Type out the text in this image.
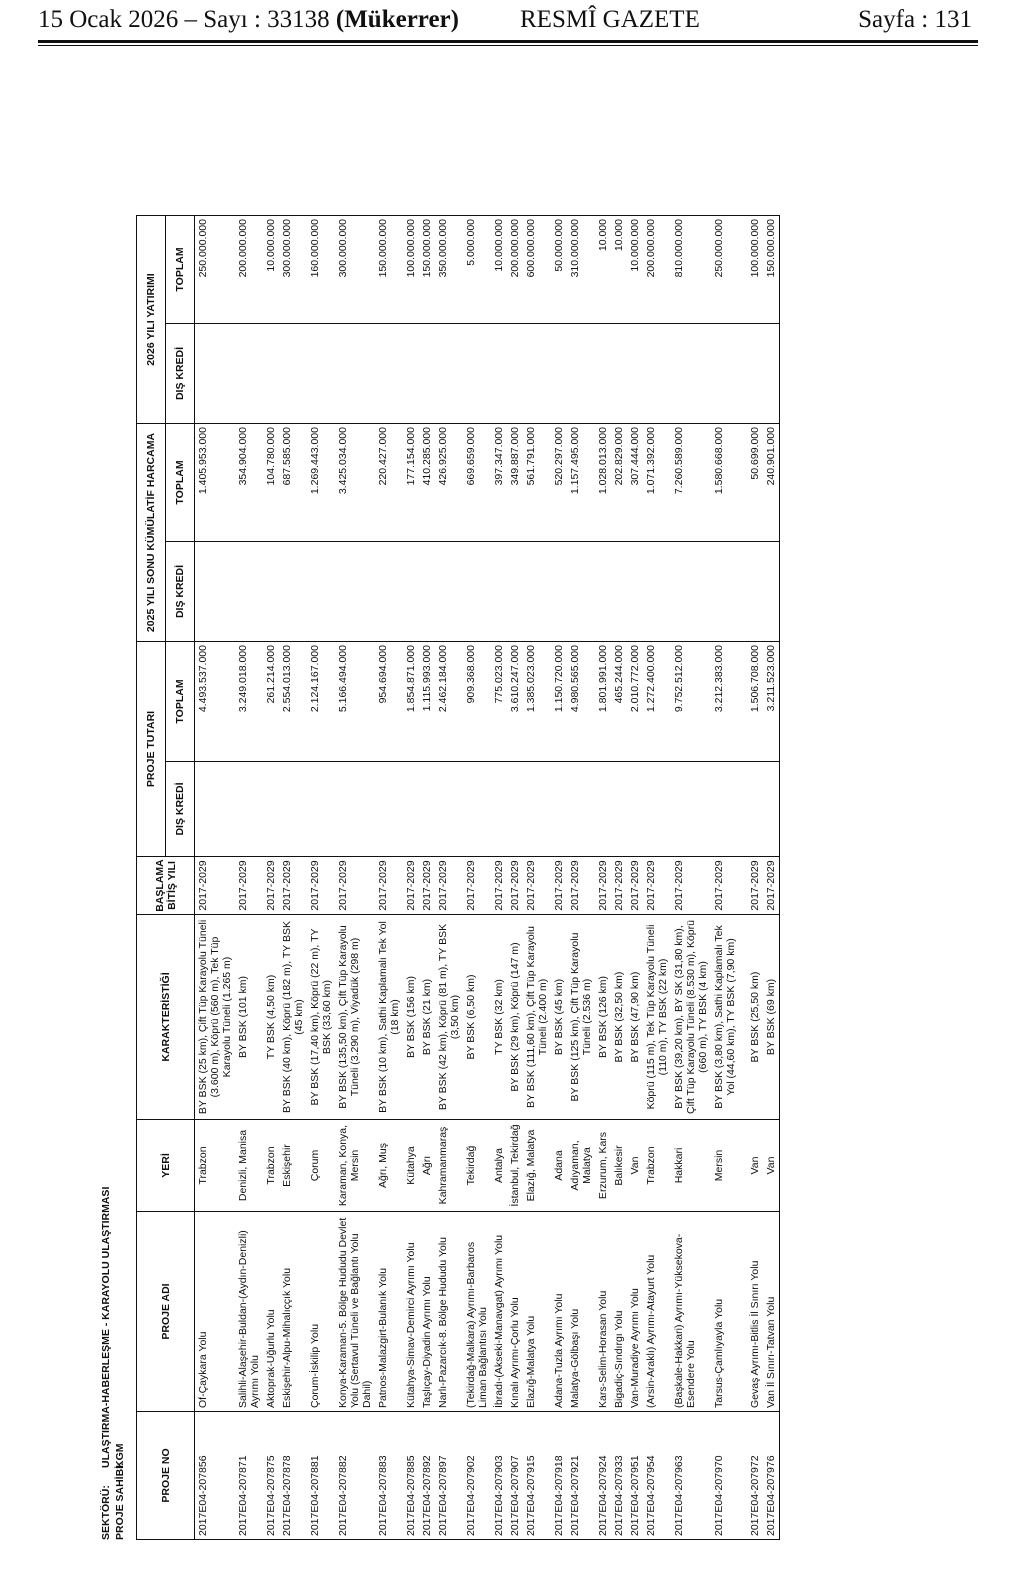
15 Ocak 2026 – Sayı : 33138 (Mükerrer) RESMÎ GAZETE	Sayfa : 131
SEKTÖRÜ:
ULAŞTIRMA-HABERLEŞME - KARAYOLU ULAŞTIRMASI
PROJE SAHİBİ:
KGM	PROJE NO	PROJE ADI	YERİ	KARAKTERİSTİĞİ	BAŞLAMA BİTİŞ YILI	PROJE TUTARI		2025 YILI SONU KÜMÜLATİF HARCAMA		2026 YILI YATIRIMI	
					DIŞ KREDİ	TOPLAM	DIŞ KREDİ	TOPLAM	DIŞ KREDİ	TOPLAM
2017E04-207856	Of-Çaykara Yolu	Trabzon	BY BSK (25 km), Çift Tüp Karayolu Tüneli (3.600 m), Köprü (560 m), Tek Tüp Karayolu Tüneli (1.265 m)	2017-2029		4.493.537.000		1.405.953.000		250.000.000
2017E04-207871	Salihli-Alaşehir-Buldan-(Aydın-Denizli) Ayrımı Yolu	Denizli, Manisa	BY BSK (101 km)	2017-2029		3.249.018.000		354.904.000		200.000.000
2017E04-207875	Aktoprak-Uğurlu Yolu	Trabzon	TY BSK (4,50 km)	2017-2029		261.214.000		104.780.000		10.000.000
2017E04-207878	Eskişehir-Alpu-Mihalıççık Yolu	Eskişehir	BY BSK (40 km), Köprü (182 m), TY BSK (45 km)	2017-2029		2.554.013.000		687.585.000		300.000.000
2017E04-207881	Çorum-İskilip Yolu	Çorum	BY BSK (17,40 km), Köprü (22 m), TY BSK (33,60 km)	2017-2029		2.124.167.000		1.269.443.000		160.000.000
2017E04-207882	Konya-Karaman-5. Bölge Hududu Devlet Yolu (Sertavul Tüneli ve Bağlantı Yolu Dahil)	Karaman, Konya, Mersin	BY BSK (135,50 km), Çift Tüp Karayolu Tüneli (3.290 m), Viyadük (298 m)	2017-2029		5.166.494.000		3.425.034.000		300.000.000
2017E04-207883	Patnos-Malazgirt-Bulanık Yolu	Ağrı, Muş	BY BSK (10 km), Sathi Kaplamalı Tek Yol (18 km)	2017-2029		954.694.000		220.427.000		150.000.000
2017E04-207885	Kütahya-Simav-Demirci Ayrımı Yolu	Kütahya	BY BSK (156 km)	2017-2029		1.854.871.000		177.154.000		100.000.000
2017E04-207892	Taşlıçay-Diyadin Ayrımı Yolu	Ağrı	BY BSK (21 km)	2017-2029		1.115.993.000		410.285.000		150.000.000
2017E04-207897	Narlı-Pazarcık-8. Bölge Hududu Yolu	Kahramanmaraş	BY BSK (42 km), Köprü (81 m), TY BSK (3,50 km)	2017-2029		2.462.184.000		426.925.000		350.000.000
2017E04-207902	(Tekirdağ-Malkara) Ayrımı-Barbaros Liman Bağlantısı Yolu	Tekirdağ	BY BSK (6,50 km)	2017-2029		909.368.000		669.659.000		5.000.000
2017E04-207903	İbradı-(Akseki-Manavgat) Ayrımı Yolu	Antalya	TY BSK (32 km)	2017-2029		775.023.000		397.347.000		10.000.000
2017E04-207907	Kınalı Ayrımı-Çorlu Yolu	İstanbul, Tekirdağ	BY BSK (29 km), Köprü (147 m)	2017-2029		3.610.247.000		349.887.000		200.000.000
2017E04-207915	Elazığ-Malatya Yolu	Elazığ, Malatya	BY BSK (111,60 km), Çift Tüp Karayolu Tüneli (2.400 m)	2017-2029		1.385.023.000		561.791.000		600.000.000
2017E04-207918	Adana-Tuzla Ayrımı Yolu	Adana	BY BSK (45 km)	2017-2029		1.150.720.000		520.297.000		50.000.000
2017E04-207921	Malatya-Gölbaşı Yolu	Adıyaman, Malatya	BY BSK (125 km), Çift Tüp Karayolu Tüneli (2.536 m)	2017-2029		4.980.565.000		1.157.495.000		310.000.000
2017E04-207924	Kars-Selim-Horasan Yolu	Erzurum, Kars	BY BSK (126 km)	2017-2029		1.801.991.000		1.028.013.000		10.000
2017E04-207933	Bigadiç-Sındırgı Yolu	Balıkesir	BY BSK (32,50 km)	2017-2029		465.244.000		202.829.000		10.000
2017E04-207951	Van-Muradiye Ayrımı Yolu	Van	BY BSK (47,90 km)	2017-2029		2.010.772.000		307.444.000		10.000.000
2017E04-207954	(Arsin-Araklı) Ayrımı-Atayurt Yolu	Trabzon	Köprü (115 m), Tek Tüp Karayolu Tüneli (110 m), TY BSK (22 km)	2017-2029		1.272.400.000		1.071.392.000		200.000.000
2017E04-207963	(Başkale-Hakkari) Ayrımı-Yüksekova-Esendere Yolu	Hakkari	BY BSK (39,20 km), BY SK (31,80 km), Çift Tüp Karayolu Tüneli (8.530 m), Köprü (660 m), TY BSK (4 km)	2017-2029		9.752.512.000		7.260.589.000		810.000.000
2017E04-207970	Tarsus-Çamlıyayla Yolu	Mersin	BY BSK (3,80 km), Sathi Kaplamalı Tek Yol (44,60 km), TY BSK (7,90 km)	2017-2029		3.212.383.000		1.580.668.000		250.000.000
2017E04-207972	Gevaş Ayrımı-Bitlis İl Sınırı Yolu	Van	BY BSK (25,50 km)	2017-2029		1.506.708.000		50.699.000		100.000.000
2017E04-207976	Van İl Sınırı-Tatvan Yolu	Van	BY BSK (69 km)	2017-2029		3.211.523.000		240.901.000		150.000.000
